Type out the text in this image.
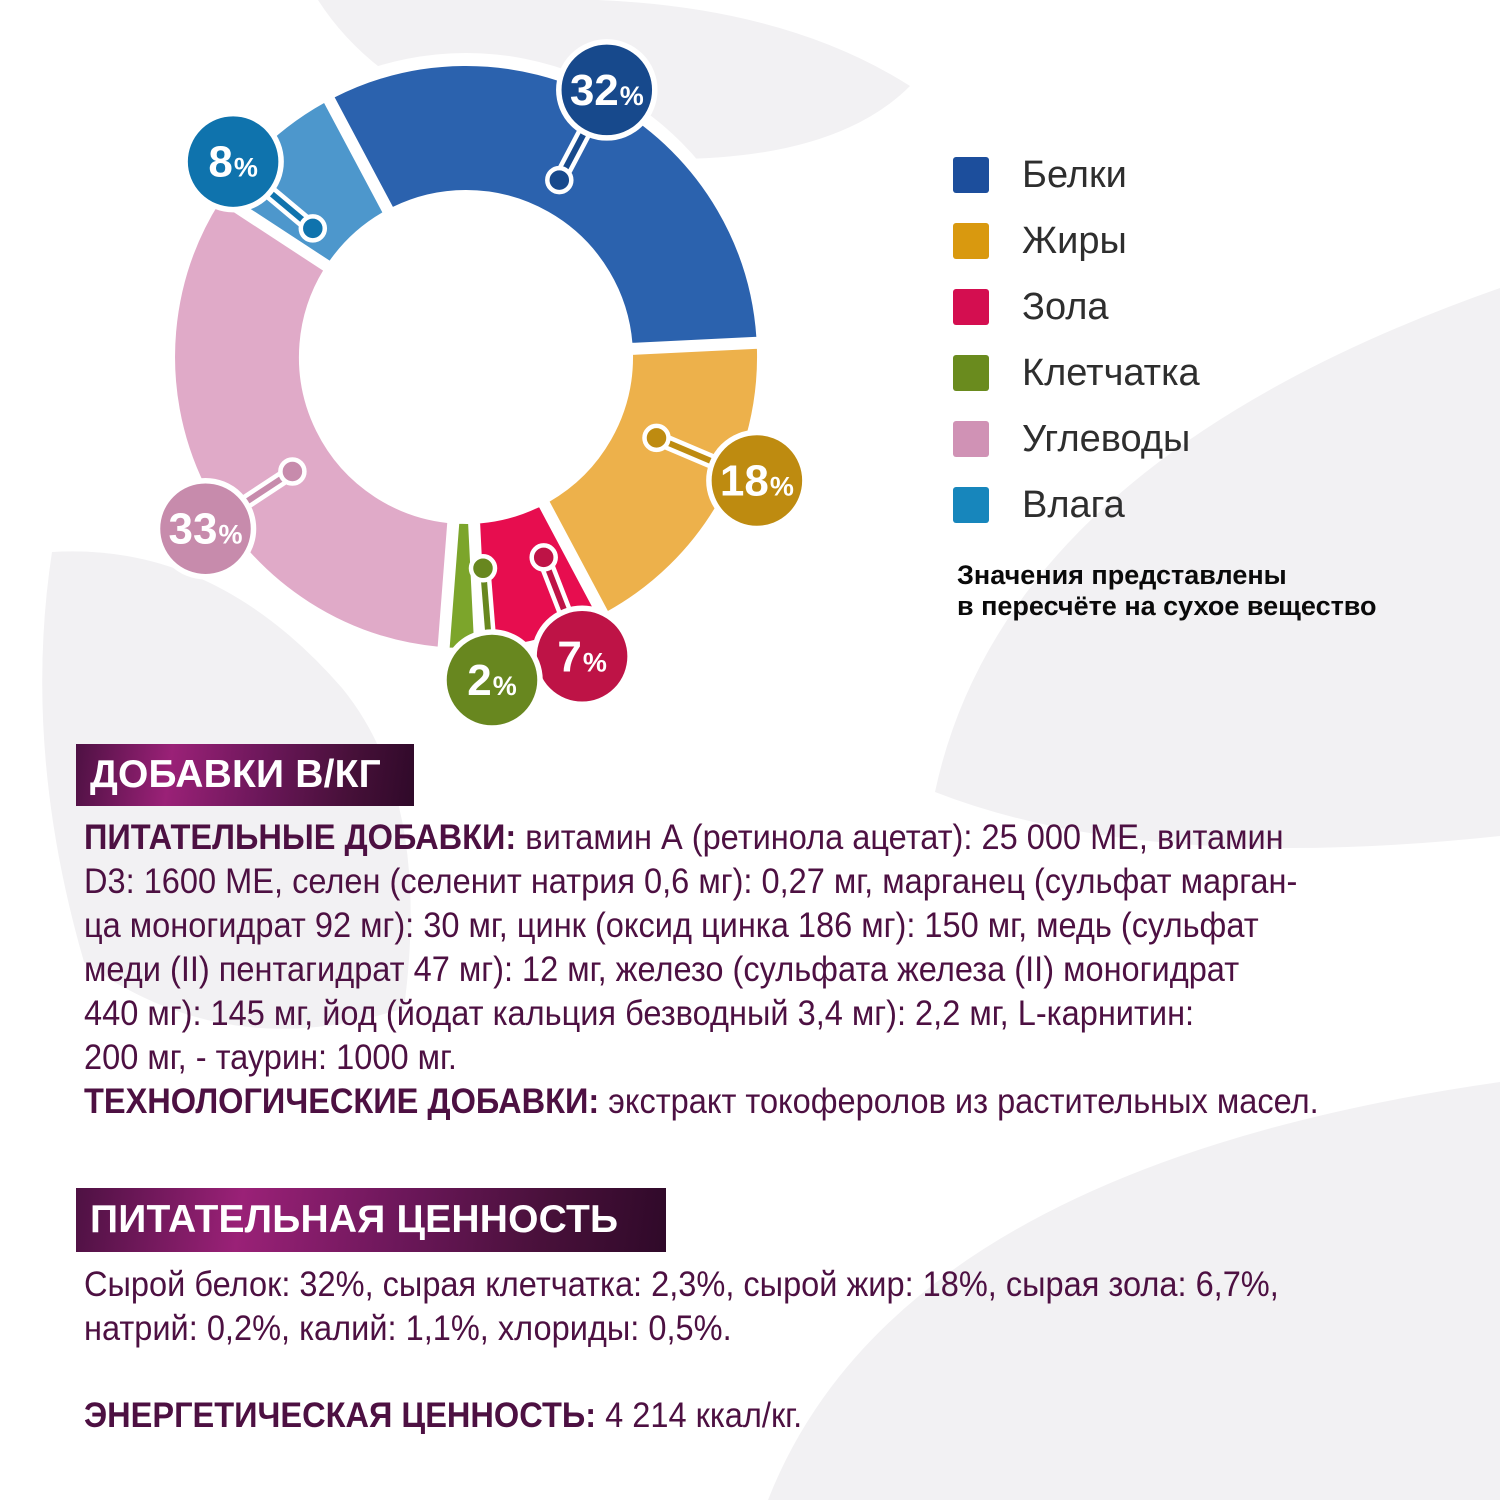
32%
18%
7%
2%
33%
8%	Белки
Жиры
Зола
Клетчатка
Углеводы
Влага
Значения представлены
в пересчёте на сухое вещество
ДОБАВКИ В/КГ
ПИТАТЕЛЬНЫЕ ДОБАВКИ: витамин А (ретинола ацетат): 25 000 МЕ, витамин
D3: 1600 МЕ, селен (селенит натрия 0,6 мг): 0,27 мг, марганец (сульфат марган-
ца моногидрат 92 мг): 30 мг, цинк (оксид цинка 186 мг): 150 мг, медь (сульфат
меди (II) пентагидрат 47 мг): 12 мг, железо (сульфата железа (II) моногидрат
440 мг): 145 мг, йод (йодат кальция безводный 3,4 мг): 2,2 мг, L-карнитин:
200 мг, - таурин: 1000 мг.
ТЕХНОЛОГИЧЕСКИЕ ДОБАВКИ: экстракт токоферолов из растительных масел.
ПИТАТЕЛЬНАЯ ЦЕННОСТЬ
Сырой белок: 32%, сырая клетчатка: 2,3%, сырой жир: 18%, сырая зола: 6,7%,
натрий: 0,2%, калий: 1,1%, хлориды: 0,5%.
ЭНЕРГЕТИЧЕСКАЯ ЦЕННОСТЬ: 4 214 ккал/кг.
